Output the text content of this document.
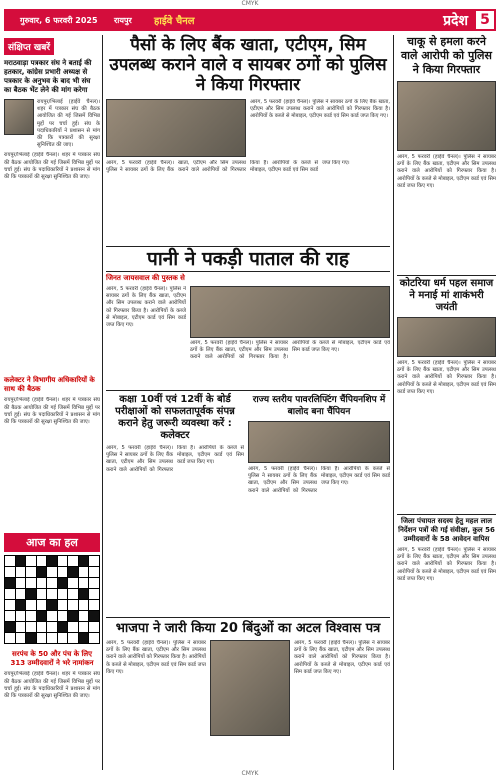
CMYK
गुरुवार, 6 फरवरी 2025	रायपुर	हाईवे चैनल	प्रदेश 5
संक्षिप्त खबरें
मराठवाड़ा पत्रकार संघ ने बताई की हतकार, कांग्रेस प्रभारी अध्यक्ष से पत्रकार के अनुभव के बाद भी संघ का बैठक भेंट लेने की मांग करेगा
रायपुर/भिलाई (हाईवे चैनल)। शहर में पत्रकार संघ की बैठक आयोजित की गई जिसमें विभिन्न मुद्दों पर चर्चा हुई। संघ के पदाधिकारियों ने प्रशासन से मांग की कि पत्रकारों की सुरक्षा सुनिश्चित की जाए।
रायपुर/भिलाई (हाईवे चैनल)। शहर में पत्रकार संघ की बैठक आयोजित की गई जिसमें विभिन्न मुद्दों पर चर्चा हुई। संघ के पदाधिकारियों ने प्रशासन से मांग की कि पत्रकारों की सुरक्षा सुनिश्चित की जाए।
कलेक्टर ने विभागीय अधिकारियों के साथ की बैठक
रायपुर/भिलाई (हाईवे चैनल)। शहर में पत्रकार संघ की बैठक आयोजित की गई जिसमें विभिन्न मुद्दों पर चर्चा हुई। संघ के पदाधिकारियों ने प्रशासन से मांग की कि पत्रकारों की सुरक्षा सुनिश्चित की जाए।
आज का हल
सरपंच के 50 और पंच के लिए 313 उम्मीदवारों ने भरे नामांकन
रायपुर/भिलाई (हाईवे चैनल)। शहर में पत्रकार संघ की बैठक आयोजित की गई जिसमें विभिन्न मुद्दों पर चर्चा हुई। संघ के पदाधिकारियों ने प्रशासन से मांग की कि पत्रकारों की सुरक्षा सुनिश्चित की जाए।
पैसों के लिए बैंक खाता, एटीएम, सिम उपलब्ध कराने वाले व सायबर ठगों को पुलिस ने किया गिरफ्तार
आरंग, 5 फरवरी (हाईवे चैनल)। पुलिस ने सायबर ठगों के लिए बैंक खाता, एटीएम और सिम उपलब्ध कराने वाले आरोपियों को गिरफ्तार किया है। आरोपियों के कब्जे से मोबाइल, एटीएम कार्ड एवं सिम कार्ड जप्त किए गए।
आरंग, 5 फरवरी (हाईवे चैनल)। पुलिस ने सायबर ठगों के लिए बैंक खाता, एटीएम और सिम उपलब्ध कराने वाले आरोपियों को गिरफ्तार किया है। आरोपियों के कब्जे से मोबाइल, एटीएम कार्ड एवं सिम कार्ड जप्त किए गए।
पानी ने पकड़ी पाताल की राह
जिनत जायसवाल की पुस्तक से
आरंग, 5 फरवरी (हाईवे चैनल)। पुलिस ने सायबर ठगों के लिए बैंक खाता, एटीएम और सिम उपलब्ध कराने वाले आरोपियों को गिरफ्तार किया है। आरोपियों के कब्जे से मोबाइल, एटीएम कार्ड एवं सिम कार्ड जप्त किए गए।
आरंग, 5 फरवरी (हाईवे चैनल)। पुलिस ने सायबर ठगों के लिए बैंक खाता, एटीएम और सिम उपलब्ध कराने वाले आरोपियों को गिरफ्तार किया है। आरोपियों के कब्जे से मोबाइल, एटीएम कार्ड एवं सिम कार्ड जप्त किए गए।
कक्षा 10वीं एवं 12वीं के बोर्ड परीक्षाओं को सफलतापूर्वक संपन्न कराने हेतु जरूरी व्यवस्था करें : कलेक्टर
आरंग, 5 फरवरी (हाईवे चैनल)। पुलिस ने सायबर ठगों के लिए बैंक खाता, एटीएम और सिम उपलब्ध कराने वाले आरोपियों को गिरफ्तार किया है। आरोपियों के कब्जे से मोबाइल, एटीएम कार्ड एवं सिम कार्ड जप्त किए गए।
राज्य स्तरीय पावरलिफ्टिंग चैंपियनशिप में बालोद बना चैंपियन
आरंग, 5 फरवरी (हाईवे चैनल)। पुलिस ने सायबर ठगों के लिए बैंक खाता, एटीएम और सिम उपलब्ध कराने वाले आरोपियों को गिरफ्तार किया है। आरोपियों के कब्जे से मोबाइल, एटीएम कार्ड एवं सिम कार्ड जप्त किए गए।
भाजपा ने जारी किया 20 बिंदुओं का अटल विश्वास पत्र
आरंग, 5 फरवरी (हाईवे चैनल)। पुलिस ने सायबर ठगों के लिए बैंक खाता, एटीएम और सिम उपलब्ध कराने वाले आरोपियों को गिरफ्तार किया है। आरोपियों के कब्जे से मोबाइल, एटीएम कार्ड एवं सिम कार्ड जप्त किए गए।
आरंग, 5 फरवरी (हाईवे चैनल)। पुलिस ने सायबर ठगों के लिए बैंक खाता, एटीएम और सिम उपलब्ध कराने वाले आरोपियों को गिरफ्तार किया है। आरोपियों के कब्जे से मोबाइल, एटीएम कार्ड एवं सिम कार्ड जप्त किए गए।
चाकू से हमला करने वाले आरोपी को पुलिस ने किया गिरफ्तार
आरंग, 5 फरवरी (हाईवे चैनल)। पुलिस ने सायबर ठगों के लिए बैंक खाता, एटीएम और सिम उपलब्ध कराने वाले आरोपियों को गिरफ्तार किया है। आरोपियों के कब्जे से मोबाइल, एटीएम कार्ड एवं सिम कार्ड जप्त किए गए।
कोटरिया धर्म पहल समाज ने मनाई मां शाकंभरी जयंती
आरंग, 5 फरवरी (हाईवे चैनल)। पुलिस ने सायबर ठगों के लिए बैंक खाता, एटीएम और सिम उपलब्ध कराने वाले आरोपियों को गिरफ्तार किया है। आरोपियों के कब्जे से मोबाइल, एटीएम कार्ड एवं सिम कार्ड जप्त किए गए।
जिला पंचायत सदस्य हेतु महल लाल निर्देशन पत्रों की गई संवीक्षा, कुल 56 उम्मीदवारों के 58 आवेदन वापिस
आरंग, 5 फरवरी (हाईवे चैनल)। पुलिस ने सायबर ठगों के लिए बैंक खाता, एटीएम और सिम उपलब्ध कराने वाले आरोपियों को गिरफ्तार किया है। आरोपियों के कब्जे से मोबाइल, एटीएम कार्ड एवं सिम कार्ड जप्त किए गए।
CMYK
